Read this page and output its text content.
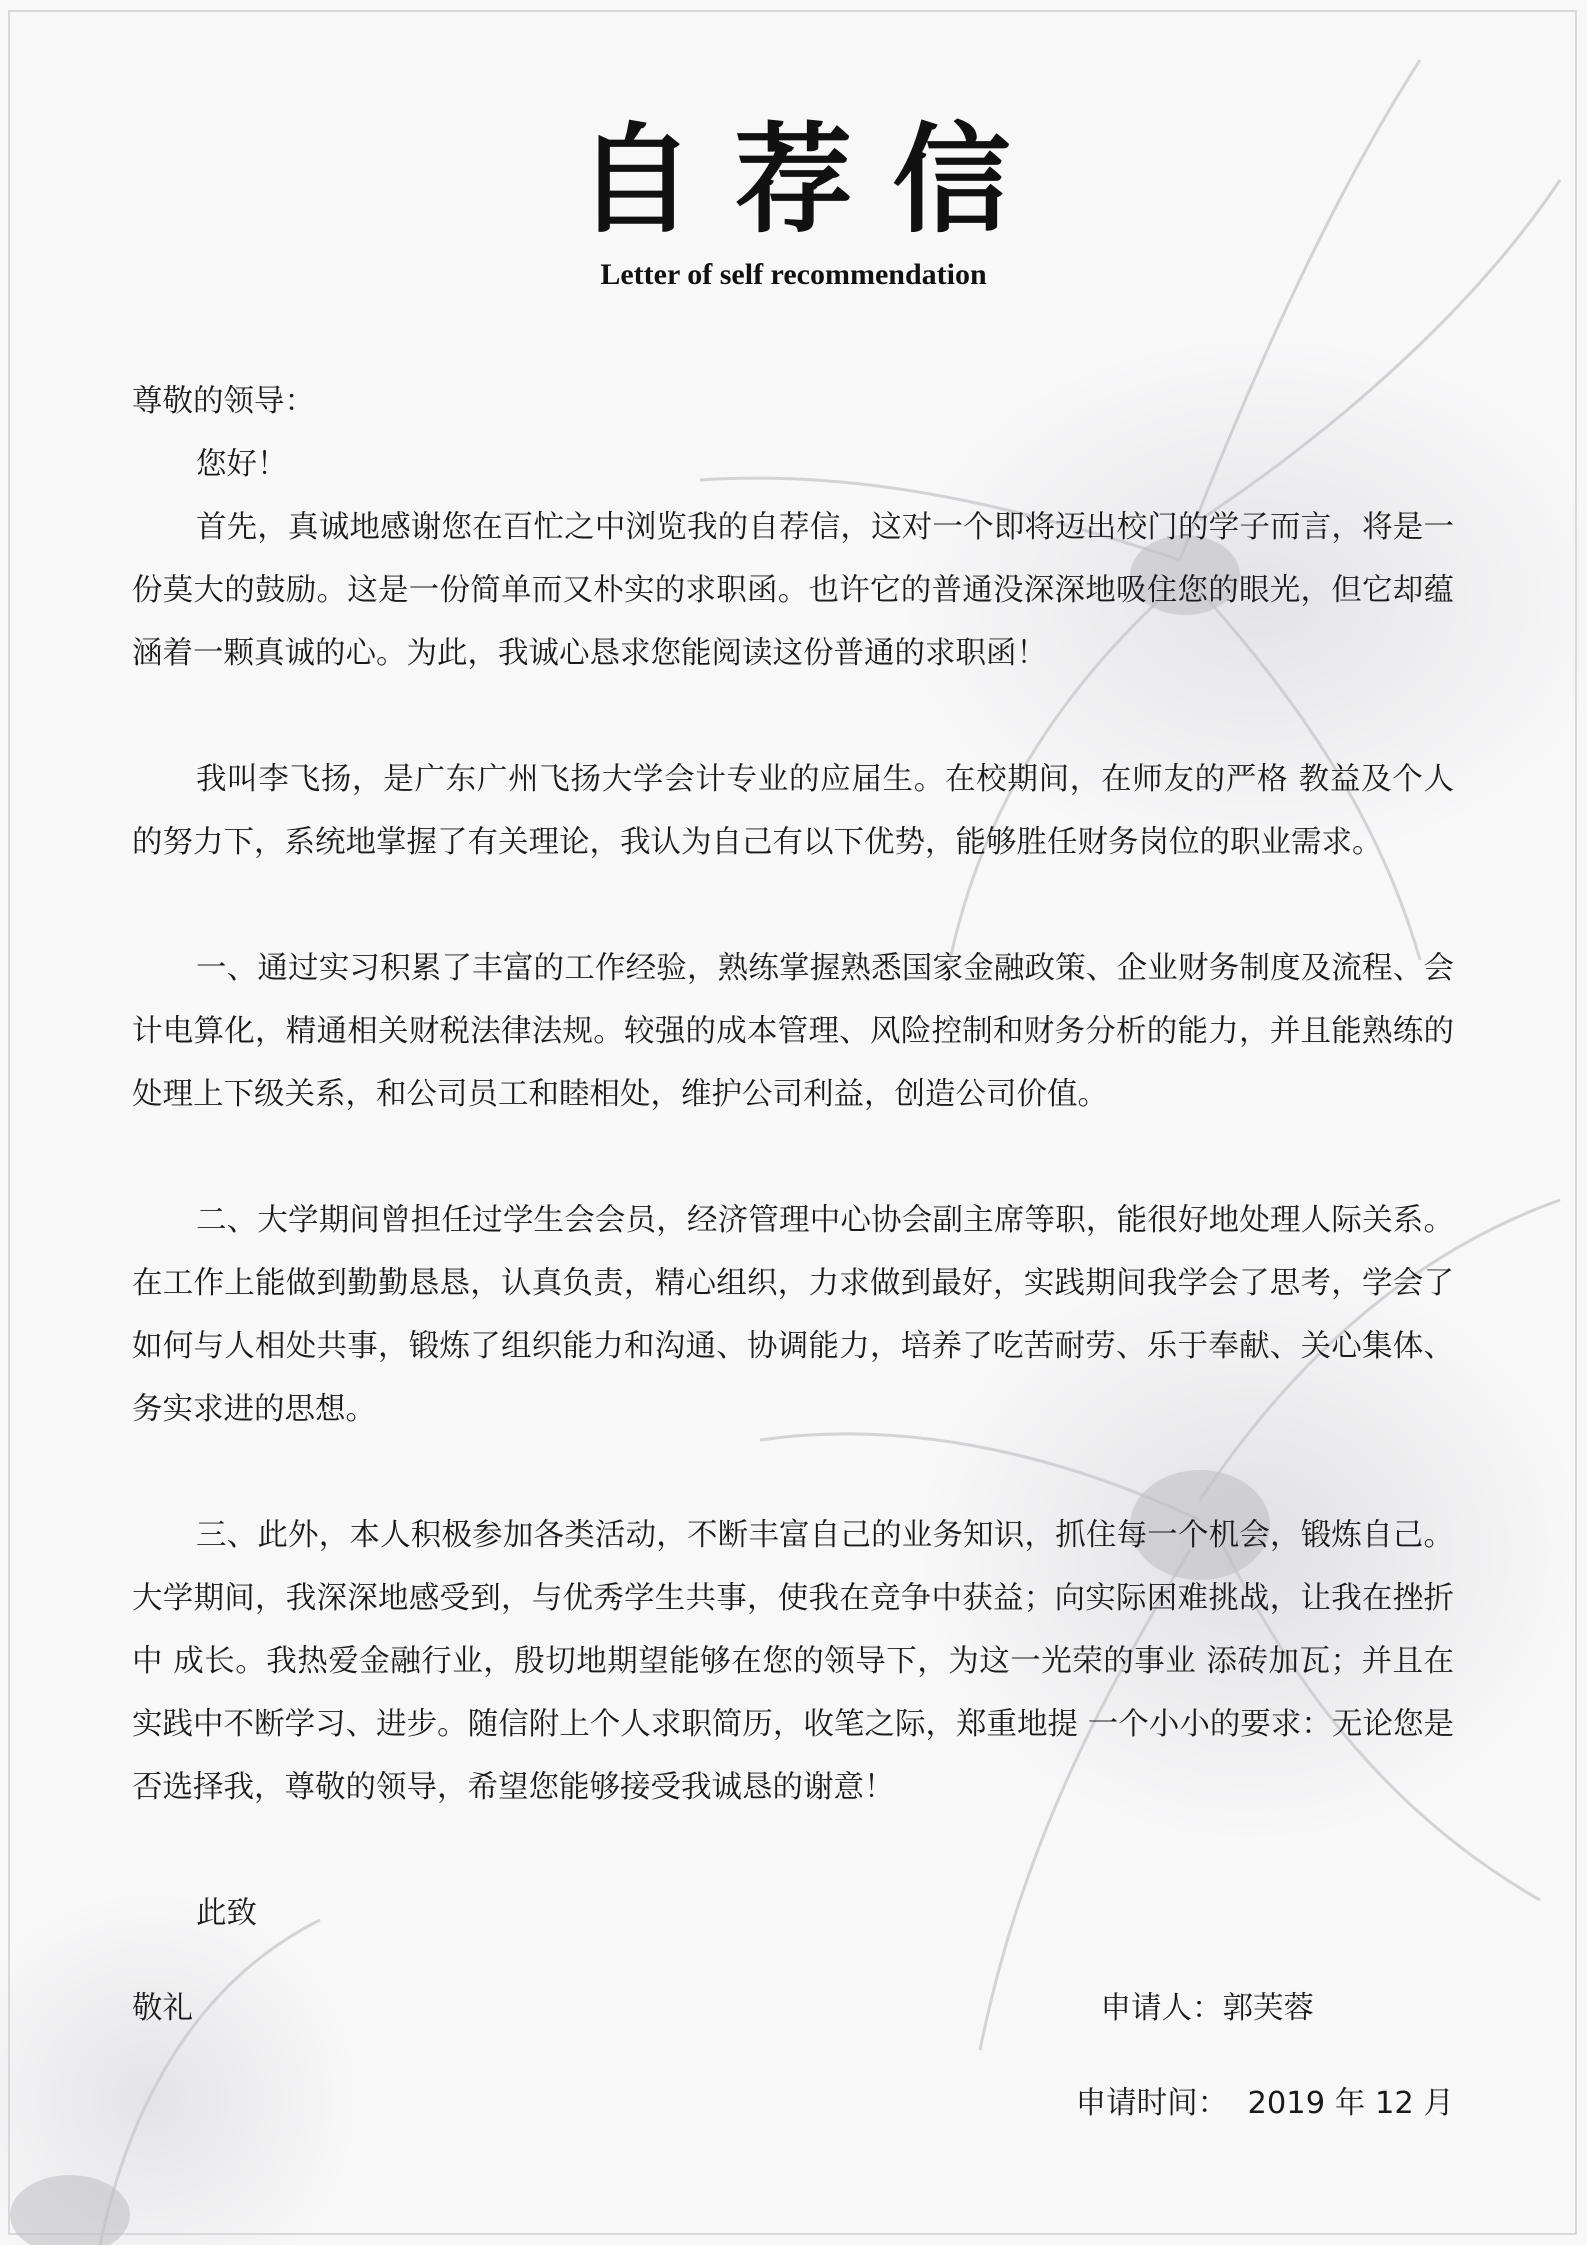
自荐信
Letter of self recommendation

尊敬的领导：

您好！

首先，真诚地感谢您在百忙之中浏览我的自荐信，这对一个即将迈出校门的学子而言，将是一份莫大的鼓励。这是一份简单而又朴实的求职函。也许它的普通没深深地吸住您的眼光，但它却蕴涵着一颗真诚的心。为此，我诚心恳求您能阅读这份普通的求职函！

我叫李飞扬，是广东广州飞扬大学会计专业的应届生。在校期间，在师友的严格 教益及个人的努力下，系统地掌握了有关理论，我认为自己有以下优势，能够胜任财务岗位的职业需求。

一、通过实习积累了丰富的工作经验，熟练掌握熟悉国家金融政策、企业财务制度及流程、会计电算化，精通相关财税法律法规。较强的成本管理、风险控制和财务分析的能力，并且能熟练的处理上下级关系，和公司员工和睦相处，维护公司利益，创造公司价值。

二、大学期间曾担任过学生会会员，经济管理中心协会副主席等职，能很好地处理人际关系。在工作上能做到勤勤恳恳，认真负责，精心组织，力求做到最好，实践期间我学会了思考，学会了如何与人相处共事，锻炼了组织能力和沟通、协调能力，培养了吃苦耐劳、乐于奉献、关心集体、务实求进的思想。

三、此外，本人积极参加各类活动，不断丰富自己的业务知识，抓住每一个机会，锻炼自己。大学期间，我深深地感受到，与优秀学生共事，使我在竞争中获益；向实际困难挑战，让我在挫折中 成长。我热爱金融行业，殷切地期望能够在您的领导下，为这一光荣的事业 添砖加瓦；并且在实践中不断学习、进步。随信附上个人求职简历，收笔之际，郑重地提 一个小小的要求：无论您是否选择我，尊敬的领导，希望您能够接受我诚恳的谢意！

此致

敬礼	申请人：郭芙蓉
申请时间：  2019 年 12 月
